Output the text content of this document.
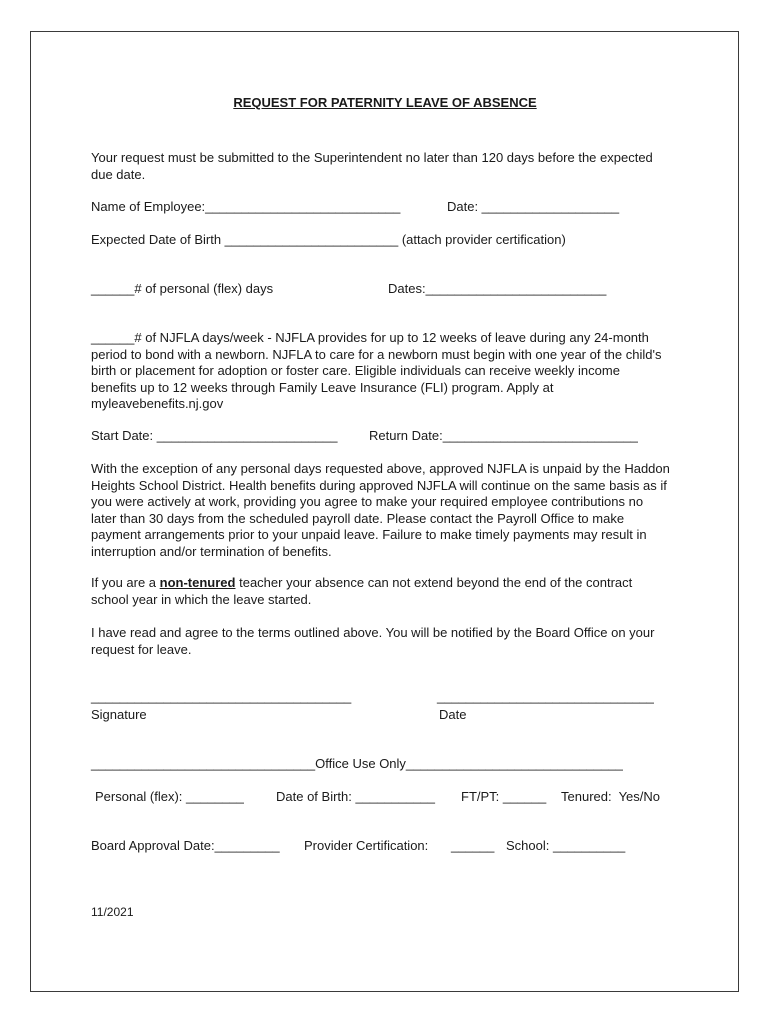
REQUEST FOR PATERNITY LEAVE OF ABSENCE
Your request must be submitted to the Superintendent no later than 120 days before the expected due date.
Name of Employee:___________________________	Date: ___________________
Expected Date of Birth ________________________ (attach provider certification)
______# of personal (flex) days	Dates:_________________________
______# of NJFLA days/week - NJFLA provides for up to 12 weeks of leave during any 24-month period to bond with a newborn. NJFLA to care for a newborn must begin with one year of the child's birth or placement for adoption or foster care. Eligible individuals can receive weekly income benefits up to 12 weeks through Family Leave Insurance (FLI) program. Apply at myleavebenefits.nj.gov
Start Date: _________________________ Return Date:___________________________
With the exception of any personal days requested above, approved NJFLA is unpaid by the Haddon Heights School District. Health benefits during approved NJFLA will continue on the same basis as if you were actively at work, providing you agree to make your required employee contributions no later than 30 days from the scheduled payroll date. Please contact the Payroll Office to make payment arrangements prior to your unpaid leave. Failure to make timely payments may result in interruption and/or termination of benefits.
If you are a non-tenured teacher your absence can not extend beyond the end of the contract school year in which the leave started.
I have read and agree to the terms outlined above. You will be notified by the Board Office on your request for leave.
____________________________________
Signature
______________________________
Date
_______________________________Office Use Only______________________________
Personal (flex): ________ Date of Birth: ___________ FT/PT: ______ Tenured:  Yes/No
Board Approval Date:_________ Provider Certification: ______ School: __________
11/2021
